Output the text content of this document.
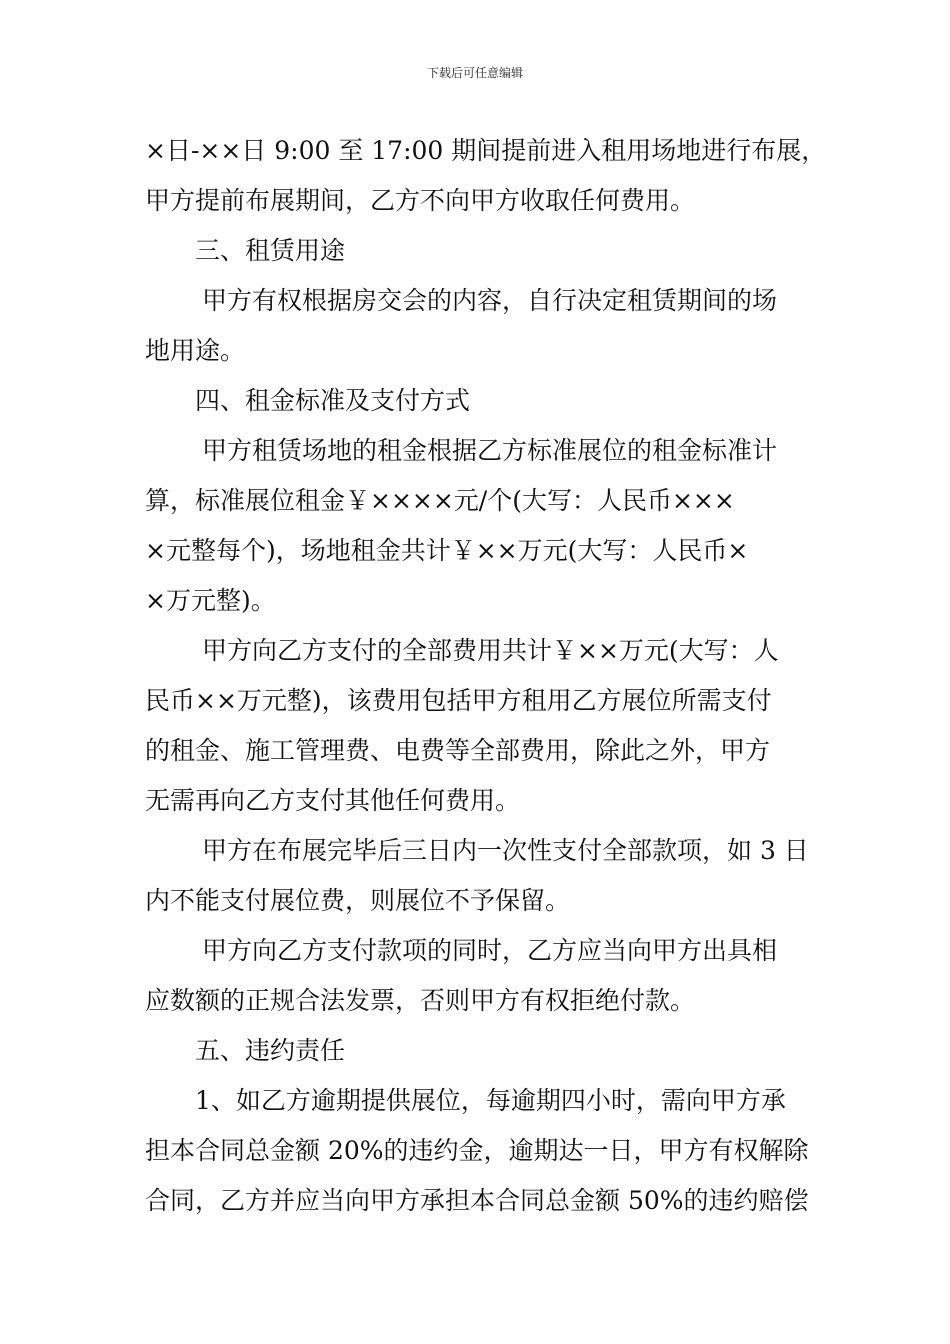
下载后可任意编辑
×日-××日 9:00 至 17:00 期间提前进入租用场地进行布展，
甲方提前布展期间，乙方不向甲方收取任何费用。
三、租赁用途
甲方有权根据房交会的内容，自行决定租赁期间的场
地用途。
四、租金标准及支付方式
甲方租赁场地的租金根据乙方标准展位的租金标准计
算，标准展位租金￥××××元/个(大写：人民币×××
×元整每个)，场地租金共计￥××万元(大写：人民币×
×万元整)。
甲方向乙方支付的全部费用共计￥××万元(大写：人
民币××万元整)，该费用包括甲方租用乙方展位所需支付
的租金、施工管理费、电费等全部费用，除此之外，甲方
无需再向乙方支付其他任何费用。
甲方在布展完毕后三日内一次性支付全部款项，如 3 日
内不能支付展位费，则展位不予保留。
甲方向乙方支付款项的同时，乙方应当向甲方出具相
应数额的正规合法发票，否则甲方有权拒绝付款。
五、违约责任
1、如乙方逾期提供展位，每逾期四小时，需向甲方承
担本合同总金额 20%的违约金，逾期达一日，甲方有权解除
合同，乙方并应当向甲方承担本合同总金额 50%的违约赔偿
